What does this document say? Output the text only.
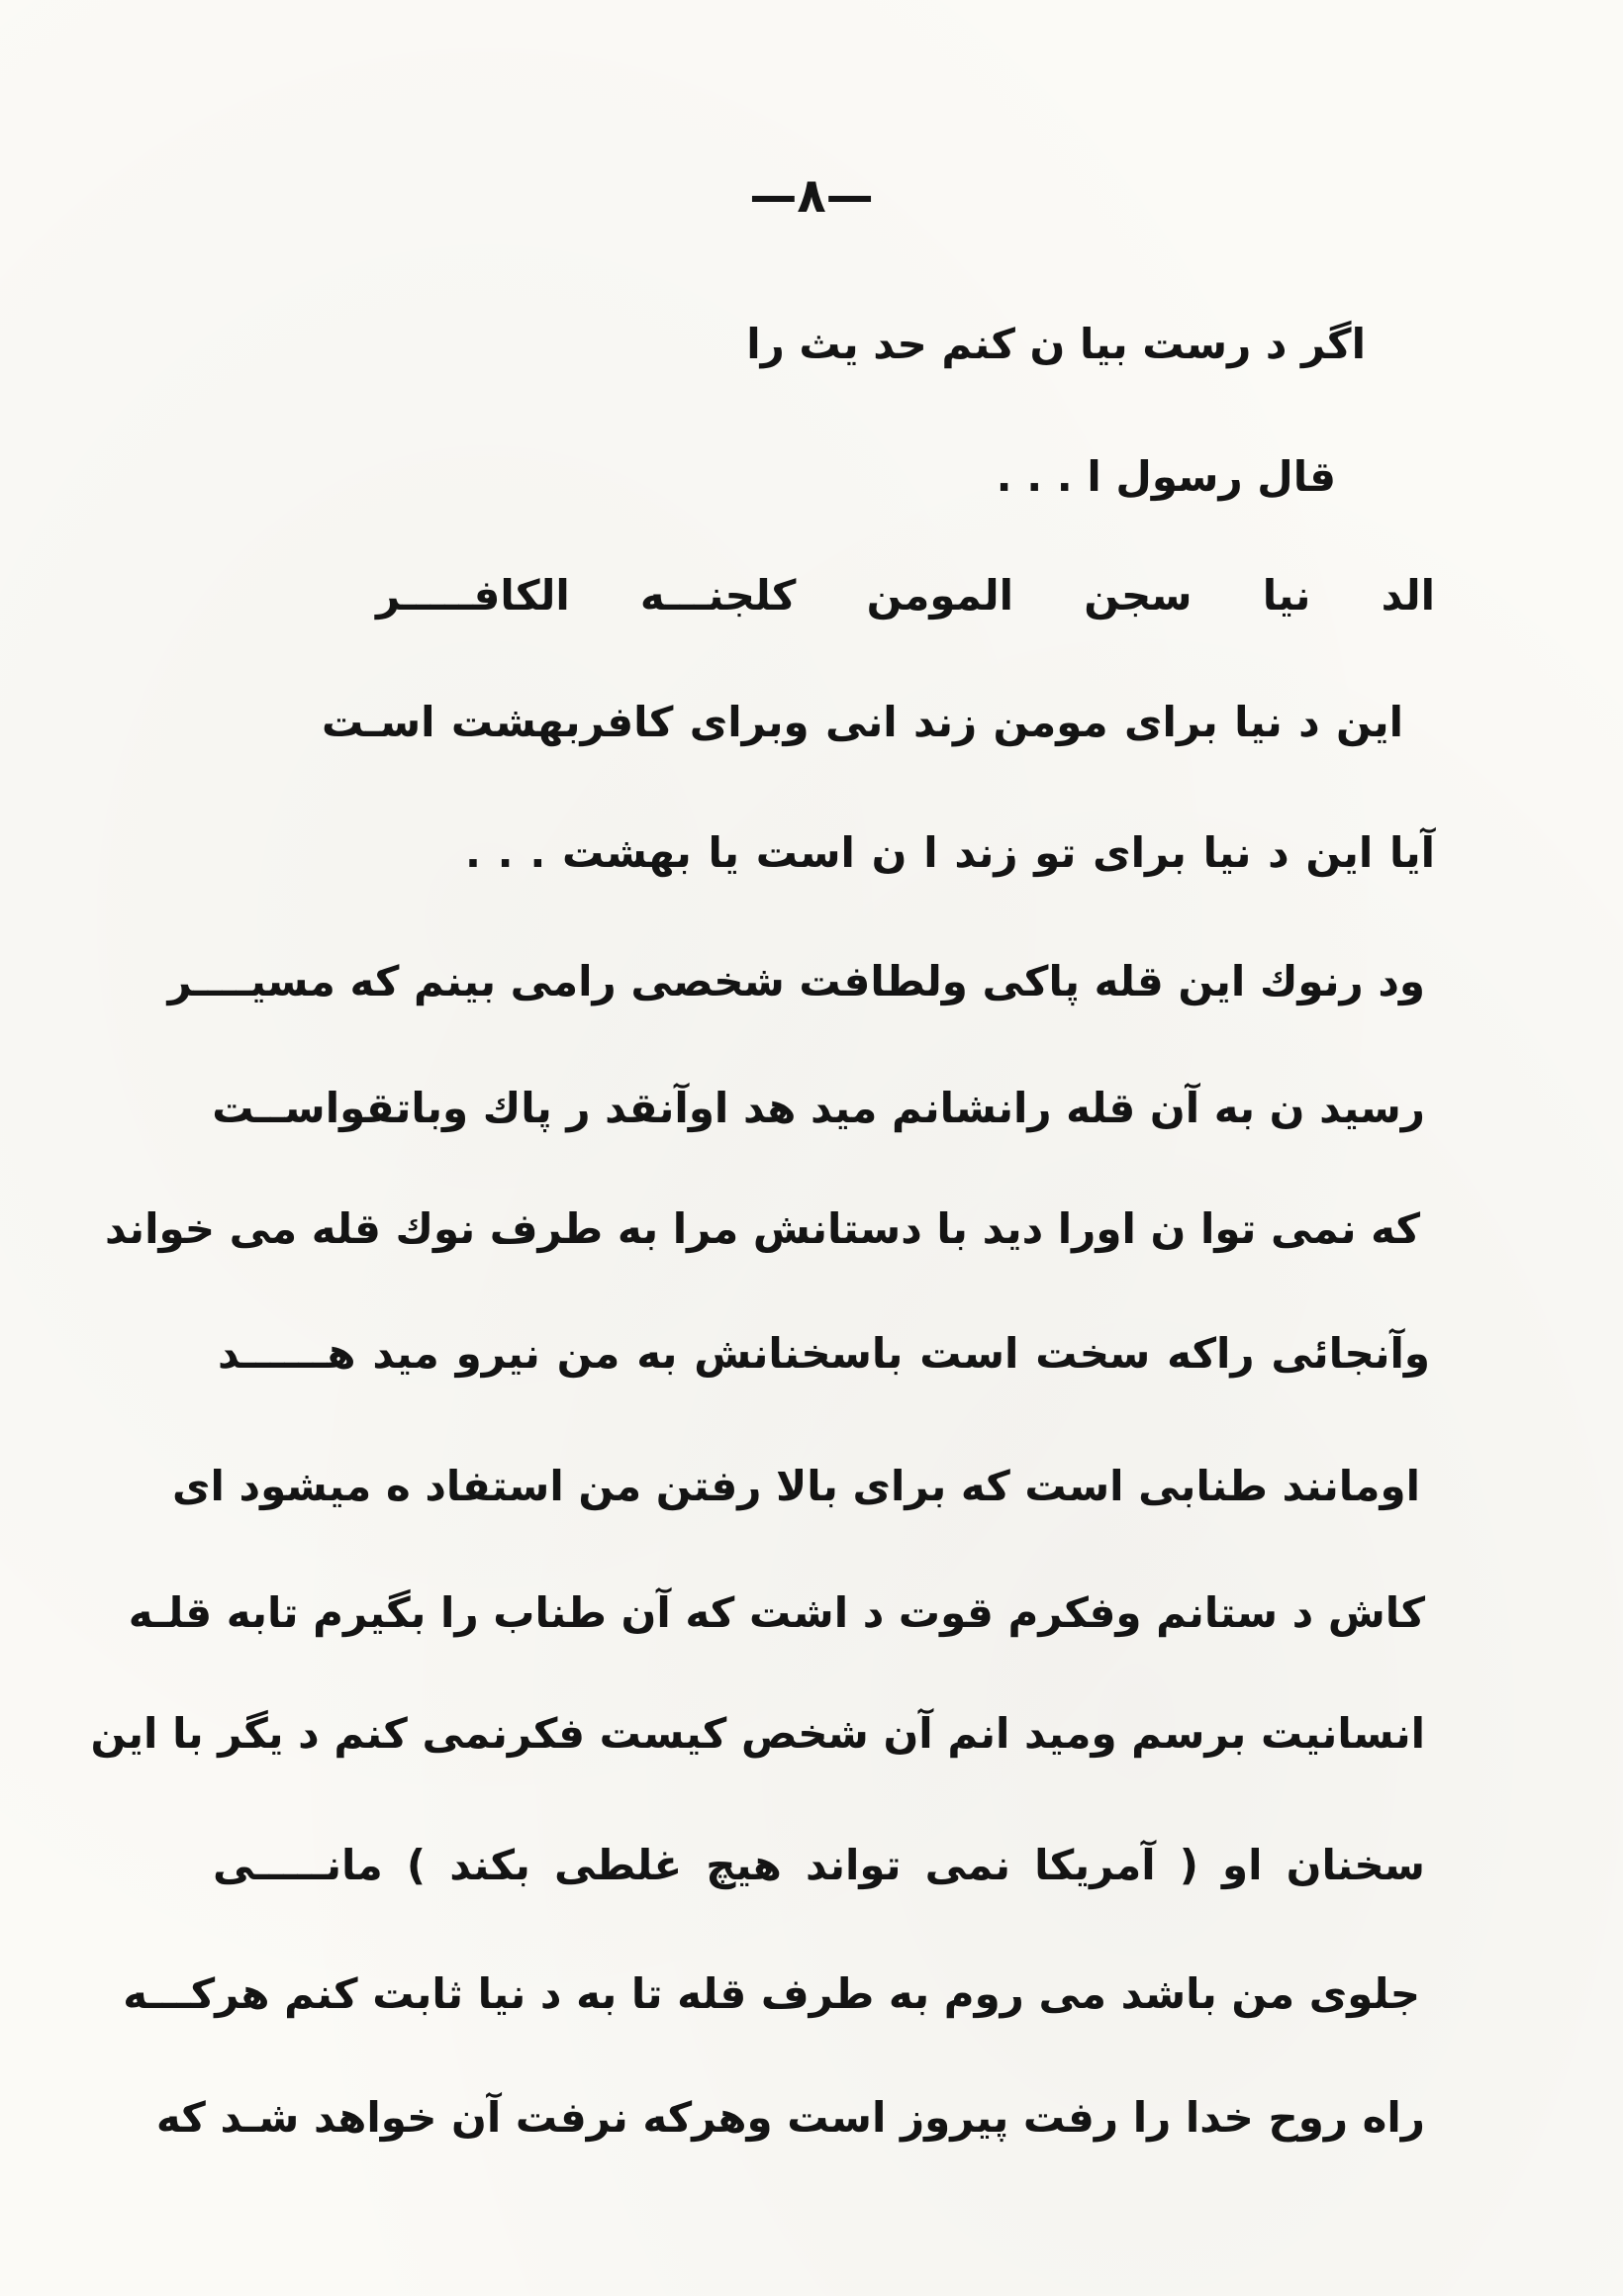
—٨—
اگر د رست بیا ن کنم حد یث را
قال رسول ا . . .
الد نیا سجن المومن کلجنـــه الکافـــــر
این د نیا برای مومن زند انی وبرای کافربهشت اسـت
آیا این د نیا برای تو زند ا ن است یا بهشت . . .
ود رنوك این قله پاکی ولطافت شخصی رامی بینم که مسیــــر
رسید ن به آن قله رانشانم مید هد اوآنقد ر پاك وباتقواســت
که نمی توا ن اورا دید با دستانش مرا به طرف نوك قله می خواند
وآنجائی راکه سخت است باسخنانش به من نیرو مید هــــــد
اومانند طنابی است که برای بالا رفتن من استفاد ه میشود ای
کاش د ستانم وفکرم قوت د اشت که آن طناب را بگیرم تابه قلـه
انسانیت برسم ومید انم آن شخص کیست فکرنمی کنم د یگر با این
سخنان او ( آمریکا نمی تواند هیچ غلطی بکند ) مانـــــی
جلوی من باشد می روم به طرف قله تا به د نیا ثابت کنم هرکـــه
راه روح خدا را رفت پیروز است وهرکه نرفت آن خواهد شـد که
